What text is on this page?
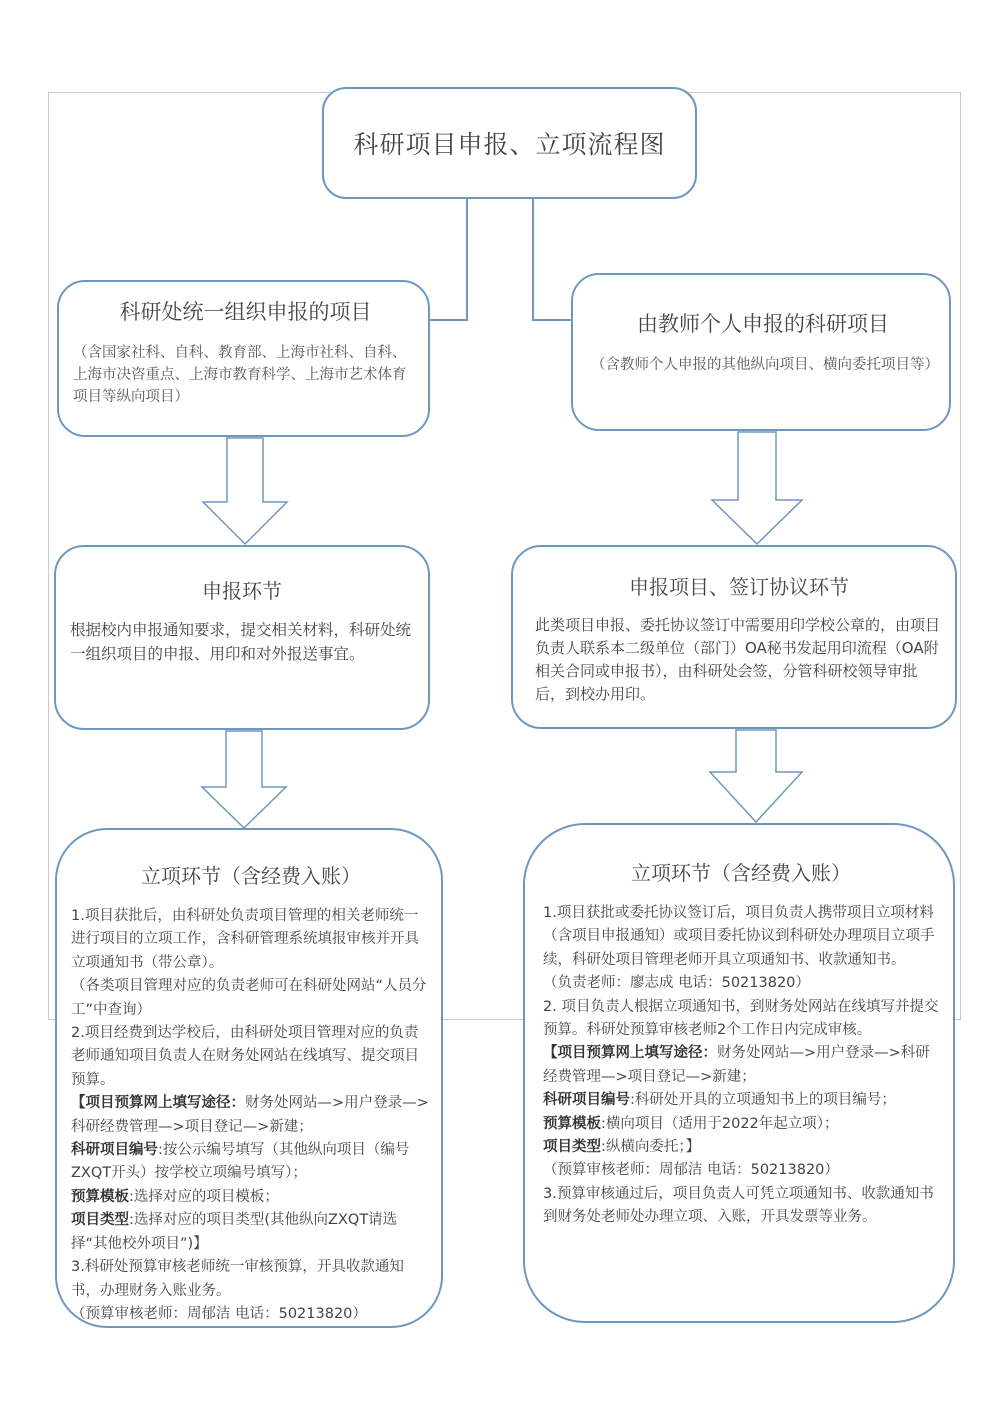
科研项目申报、立项流程图
科研处统一组织申报的项目

（含国家社科、自科、教育部、上海市社科、自科、上海市决咨重点、上海市教育科学、上海市艺术体育项目等纵向项目）

由教师个人申报的科研项目

（含教师个人申报的其他纵向项目、横向委托项目等）

申报环节

根据校内申报通知要求，提交相关材料，科研处统一组织项目的申报、用印和对外报送事宜。

申报项目、签订协议环节

此类项目申报、委托协议签订中需要用印学校公章的，由项目负责人联系本二级单位（部门）OA秘书发起用印流程（OA附相关合同或申报书），由科研处会签，分管科研校领导审批后，到校办用印。

立项环节（含经费入账）
1.项目获批后，由科研处负责项目管理的相关老师统一进行项目的立项工作，含科研管理系统填报审核并开具立项通知书（带公章）。
（各类项目管理对应的负责老师可在科研处网站“人员分工”中查询）
2.项目经费到达学校后，由科研处项目管理对应的负责老师通知项目负责人在财务处网站在线填写、提交项目预算。
【项目预算网上填写途径：财务处网站—>用户登录—>科研经费管理—>项目登记—>新建；
科研项目编号:按公示编号填写（其他纵向项目（编号ZXQT开头）按学校立项编号填写）；
预算模板:选择对应的项目模板；
项目类型:选择对应的项目类型(其他纵向ZXQT请选择“其他校外项目”)】
3.科研处预算审核老师统一审核预算，开具收款通知书，办理财务入账业务。
（预算审核老师：周郁洁 电话：50213820）
立项环节（含经费入账）
1.项目获批或委托协议签订后，项目负责人携带项目立项材料（含项目申报通知）或项目委托协议到科研处办理项目立项手续，科研处项目管理老师开具立项通知书、收款通知书。
（负责老师：廖志成 电话：50213820）
2. 项目负责人根据立项通知书，到财务处网站在线填写并提交预算。科研处预算审核老师2个工作日内完成审核。
【项目预算网上填写途径：财务处网站—>用户登录—>科研经费管理—>项目登记—>新建；
科研项目编号:科研处开具的立项通知书上的项目编号；
预算模板:横向项目（适用于2022年起立项）；
项目类型:纵横向委托；】
（预算审核老师：周郁洁 电话：50213820）
3.预算审核通过后，项目负责人可凭立项通知书、收款通知书到财务处老师处办理立项、入账，开具发票等业务。
